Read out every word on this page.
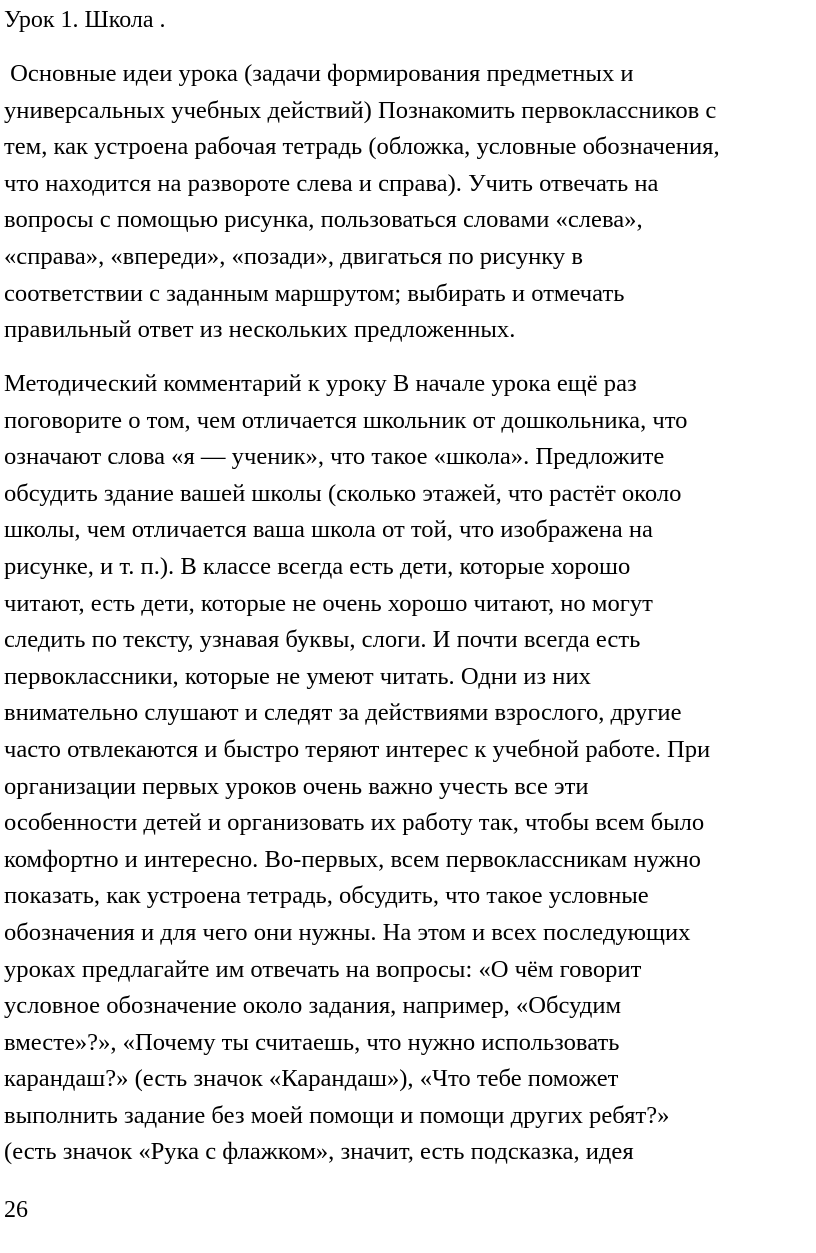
Урок 1. Школа .

Основные идеи урока (задачи формирования предметных и
универсальных учебных действий) Познакомить первоклассников с
тем, как устроена рабочая тетрадь (обложка, условные обозначения,
что находится на развороте слева и справа). Учить отвечать на
вопросы с помощью рисунка, пользоваться словами «слева»,
«справа», «впереди», «позади», двигаться по рисунку в
соответствии с заданным маршрутом; выбирать и отмечать
правильный ответ из нескольких предложенных.

Методический комментарий к уроку В начале урока ещё раз
поговорите о том, чем отличается школьник от дошкольника, что
означают слова «я — ученик», что такое «школа». Предложите
обсудить здание вашей школы (сколько этажей, что растёт около
школы, чем отличается ваша школа от той, что изображена на
рисунке, и т. п.). В классе всегда есть дети, которые хорошо
читают, есть дети, которые не очень хорошо читают, но могут
следить по тексту, узнавая буквы, слоги. И почти всегда есть
первоклассники, которые не умеют читать. Одни из них
внимательно слушают и следят за действиями взрослого, другие
часто отвлекаются и быстро теряют интерес к учебной работе. При
организации первых уроков очень важно учесть все эти
особенности детей и организовать их работу так, чтобы всем было
комфортно и интересно. Во-первых, всем первоклассникам нужно
показать, как устроена тетрадь, обсудить, что такое условные
обозначения и для чего они нужны. На этом и всех последующих
уроках предлагайте им отвечать на вопросы: «О чём говорит
условное обозначение около задания, например, «Обсудим
вместе»?», «Почему ты считаешь, что нужно использовать
карандаш?» (есть значок «Карандаш»), «Что тебе поможет
выполнить задание без моей помощи и помощи других ребят?»
(есть значок «Рука с флажком», значит, есть подсказка, идея

26
